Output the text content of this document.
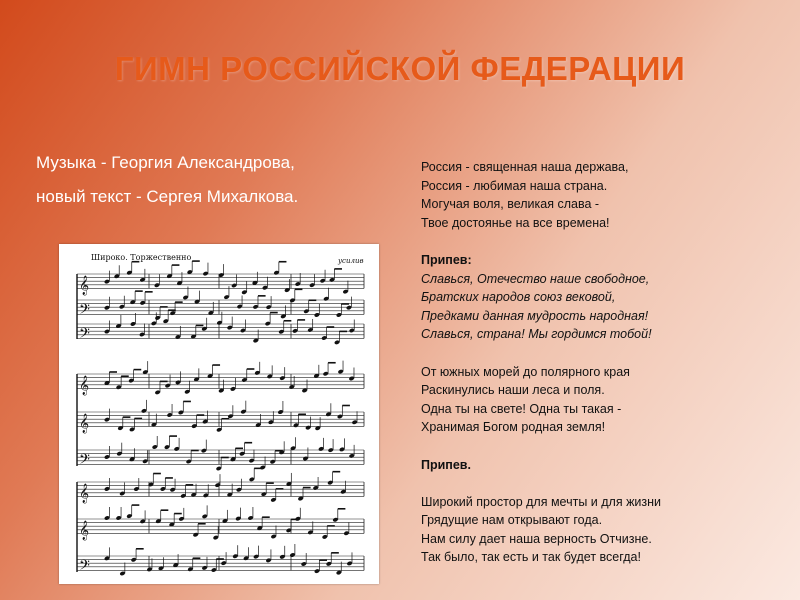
ГИМН РОССИЙСКОЙ ФЕДЕРАЦИИ
Музыка - Георгия Александрова,
новый текст - Сергея Михалкова.
Широко. Торжественно	усилив
𝄞
𝄢
𝄢
𝄞
𝄞
𝄢
𝄞
𝄞
𝄢
Россия - священная наша держава,
Россия - любимая наша страна.
Могучая воля, великая слава -
Твое достоянье на все времена!
Припев:
Славься, Отечество наше свободное,
Братских народов союз вековой,
Предками данная мудрость народная!
Славься, страна! Мы гордимся тобой!
От южных морей до полярного края
Раскинулись наши леса и поля.
Одна ты на свете! Одна ты такая -
Хранимая Богом родная земля!
Припев.
Широкий простор для мечты и для жизни
Грядущие нам открывают года.
Нам силу дает наша верность Отчизне.
Так было, так есть и так будет всегда!
